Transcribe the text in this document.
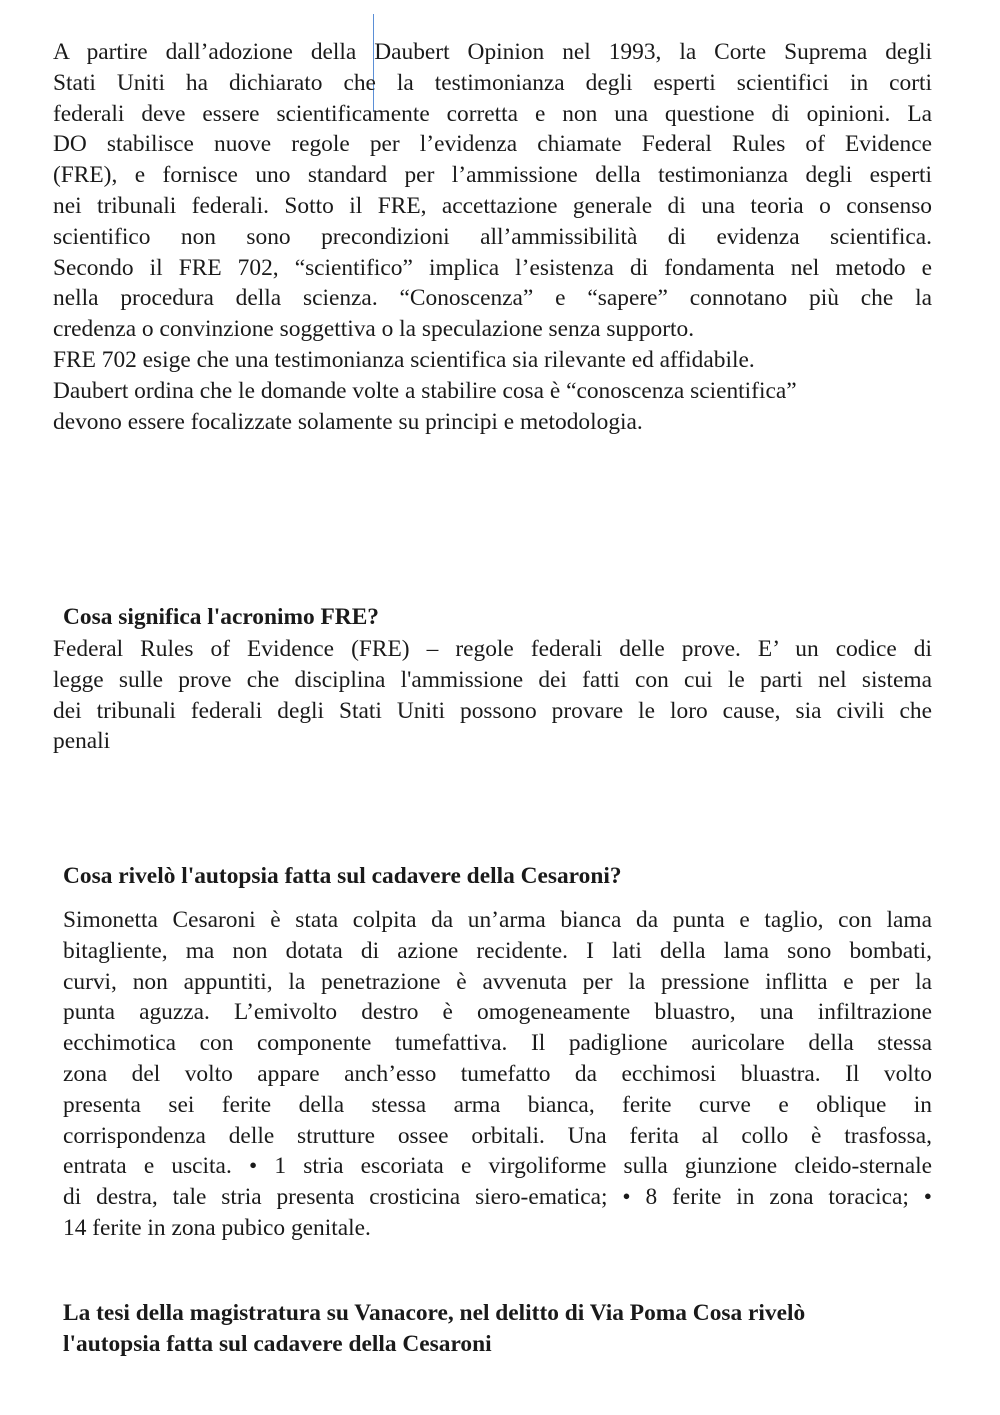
A partire dall’adozione della Daubert Opinion nel 1993, la Corte Suprema degli
Stati Uniti ha dichiarato che la testimonianza degli esperti scientifici in corti
federali deve essere scientificamente corretta e non una questione di opinioni. La
DO stabilisce nuove regole per l’evidenza chiamate Federal Rules of Evidence
(FRE), e fornisce uno standard per l’ammissione della testimonianza degli esperti
nei tribunali federali. Sotto il FRE, accettazione generale di una teoria o consenso
scientifico non sono precondizioni all’ammissibilità di evidenza scientifica.
Secondo il FRE 702, “scientifico” implica l’esistenza di fondamenta nel metodo e
nella procedura della scienza. “Conoscenza” e “sapere” connotano più che la
credenza o convinzione soggettiva o la speculazione senza supporto.
FRE 702 esige che una testimonianza scientifica sia rilevante ed affidabile.
Daubert ordina che le domande volte a stabilire cosa è “conoscenza scientifica”
devono essere focalizzate solamente su principi e metodologia.
Cosa significa l'acronimo FRE?
Federal Rules of Evidence (FRE) – regole federali delle prove. E’ un codice di
legge sulle prove che disciplina l'ammissione dei fatti con cui le parti nel sistema
dei tribunali federali degli Stati Uniti possono provare le loro cause, sia civili che
penali
Cosa rivelò l'autopsia fatta sul cadavere della Cesaroni?
Simonetta Cesaroni è stata colpita da un’arma bianca da punta e taglio, con lama
bitagliente, ma non dotata di azione recidente. I lati della lama sono bombati,
curvi, non appuntiti, la penetrazione è avvenuta per la pressione inflitta e per la
punta aguzza. L’emivolto destro è omogeneamente bluastro, una infiltrazione
ecchimotica con componente tumefattiva. Il padiglione auricolare della stessa
zona del volto appare anch’esso tumefatto da ecchimosi bluastra. Il volto
presenta sei ferite della stessa arma bianca, ferite curve e oblique in
corrispondenza delle strutture ossee orbitali. Una ferita al collo è trasfossa,
entrata e uscita. • 1 stria escoriata e virgoliforme sulla giunzione cleido-sternale
di destra, tale stria presenta crosticina siero-ematica; • 8 ferite in zona toracica; •
14 ferite in zona pubico genitale.
La tesi della magistratura su Vanacore, nel delitto di Via Poma Cosa rivelò
l'autopsia fatta sul cadavere della Cesaroni
